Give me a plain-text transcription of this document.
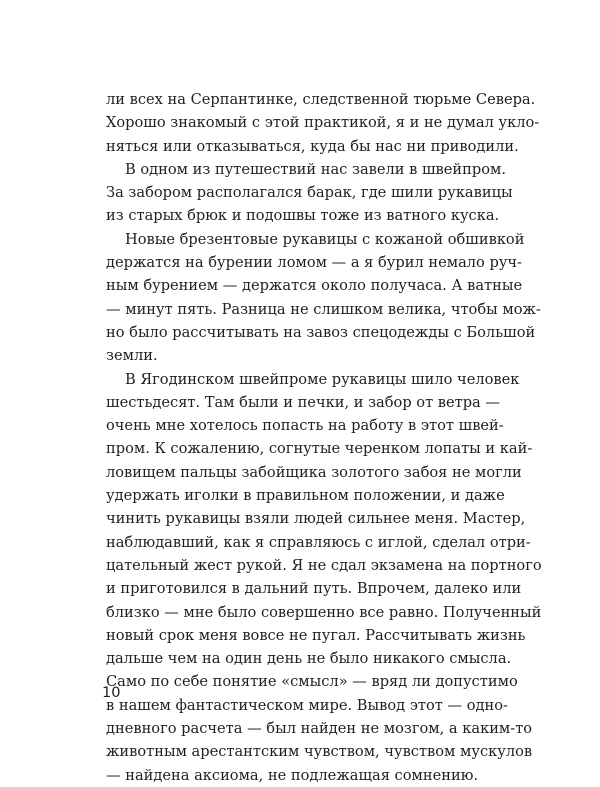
ли всех на Серпантинке, следственной тюрьме Севера.
Хорошо знакомый с этой практикой, я и не думал укло-
няться или отказываться, куда бы нас ни приводили.
В одном из путешествий нас завели в швейпром.
За забором располагался барак, где шили рукавицы
из старых брюк и подошвы тоже из ватного куска.
Новые брезентовые рукавицы с кожаной обшивкой
держатся на бурении ломом — а я бурил немало руч-
ным бурением — держатся около получаса. А ватные
— минут пять. Разница не слишком велика, чтобы мож-
но было рассчитывать на завоз спецодежды с Большой
земли.
В Ягодинском швейпроме рукавицы шило человек
шестьдесят. Там были и печки, и забор от ветра —
очень мне хотелось попасть на работу в этот швей-
пром. К сожалению, согнутые черенком лопаты и кай-
ловищем пальцы забойщика золотого забоя не могли
удержать иголки в правильном положении, и даже
чинить рукавицы взяли людей сильнее меня. Мастер,
наблюдавший, как я справляюсь с иглой, сделал отри-
цательный жест рукой. Я не сдал экзамена на портного
и приготовился в дальний путь. Впрочем, далеко или
близко — мне было совершенно все равно. Полученный
новый срок меня вовсе не пугал. Рассчитывать жизнь
дальше чем на один день не было никакого смысла.
Само по себе понятие «смысл» — вряд ли допустимо
в нашем фантастическом мире. Вывод этот — одно-
дневного расчета — был найден не мозгом, а каким-то
животным арестантским чувством, чувством мускулов
— найдена аксиома, не подлежащая сомнению.
10
